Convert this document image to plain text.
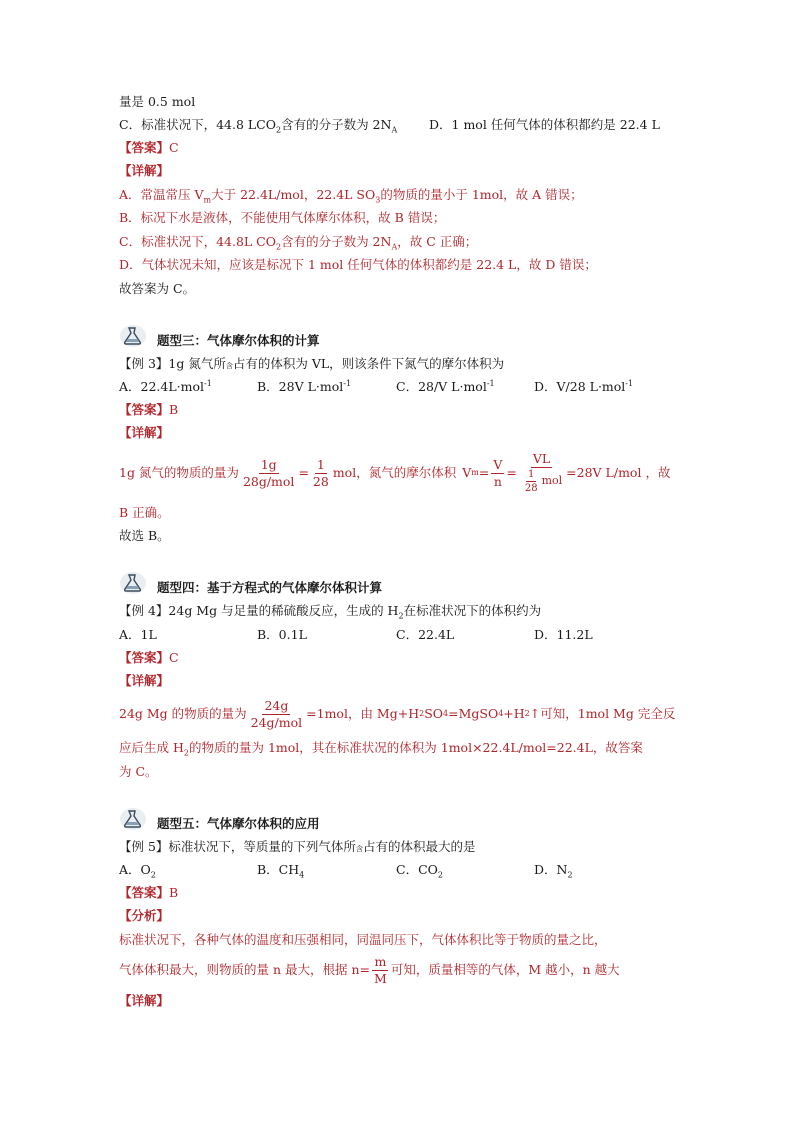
量是 0.5 mol
C．标准状况下，44.8 $LCO_2$含有的分子数为 $2N_A$	D．1 mol 任何气体的体积都约是 22.4 L
【答案】C
【详解】
A．常温常压 $V_m$大于 22.4L/mol，22.4L $SO_3$的物质的量小于 1mol，故 A 错误；
B．标况下水是液体，不能使用气体摩尔体积，故 B 错误；
C．标准状况下，44.8L $CO_2$含有的分子数为 $2N_A$，故 C 正确；
D．气体状况未知，应该是标况下 1 mol 任何气体的体积都约是 22.4 L，故 D 错误；
故答案为 C。
题型三：气体摩尔体积的计算
【例 3】1g 氮气所含占有的体积为 VL，则该条件下氮气的摩尔体积为
A．22.4L·mol$^{-1}$	B．28V L·mol$^{-1}$	C．28/V L·mol$^{-1}$	D．V/28 L·mol$^{-1}$
【答案】B
【详解】
1g 氮气的物质的量为 $\frac{1g}{\text{28g/mol}} = \frac{1}{28}$ mol ，氮气的摩尔体积 V $m = \frac{V}{n} = \frac{VL}{\frac{1}{28} mol} =28V$ L/mol ，故
B 正确。
故选 B。
题型四：基于方程式的气体摩尔体积计算
【例 4】24g Mg 与足量的稀硫酸反应，生成的 $H_2$在标准状况下的体积约为
A．1L	B．0.1L	C．22.4L	D．11.2L
【答案】C
【详解】
24g Mg 的物质的量为 $\frac{24g}{\text{24g/mol}} =1mol$，由 Mg+H 2 SO 4 =MgSO 4 +H 2 ↑可知，1mol Mg 完全反
应后生成 $H_2$的物质的量为 1mol，其在标准状况的体积为 1mol×22.4L/mol=22.4L，故答案
为 C。
题型五：气体摩尔体积的应用
【例 5】标准状况下，等质量的下列气体所含占有的体积最大的是
A．$O_2$	B．$CH_4$	C．$CO_2$	D．$N_2$
【答案】B
【分析】
标准状况下，各种气体的温度和压强相同，同温同压下，气体体积比等于物质的量之比，
气体体积最大，则物质的量 n 最大，根据 $n= \frac{m}{M}$ 可知，质量相等的气体，M 越小，n 越大
【详解】
